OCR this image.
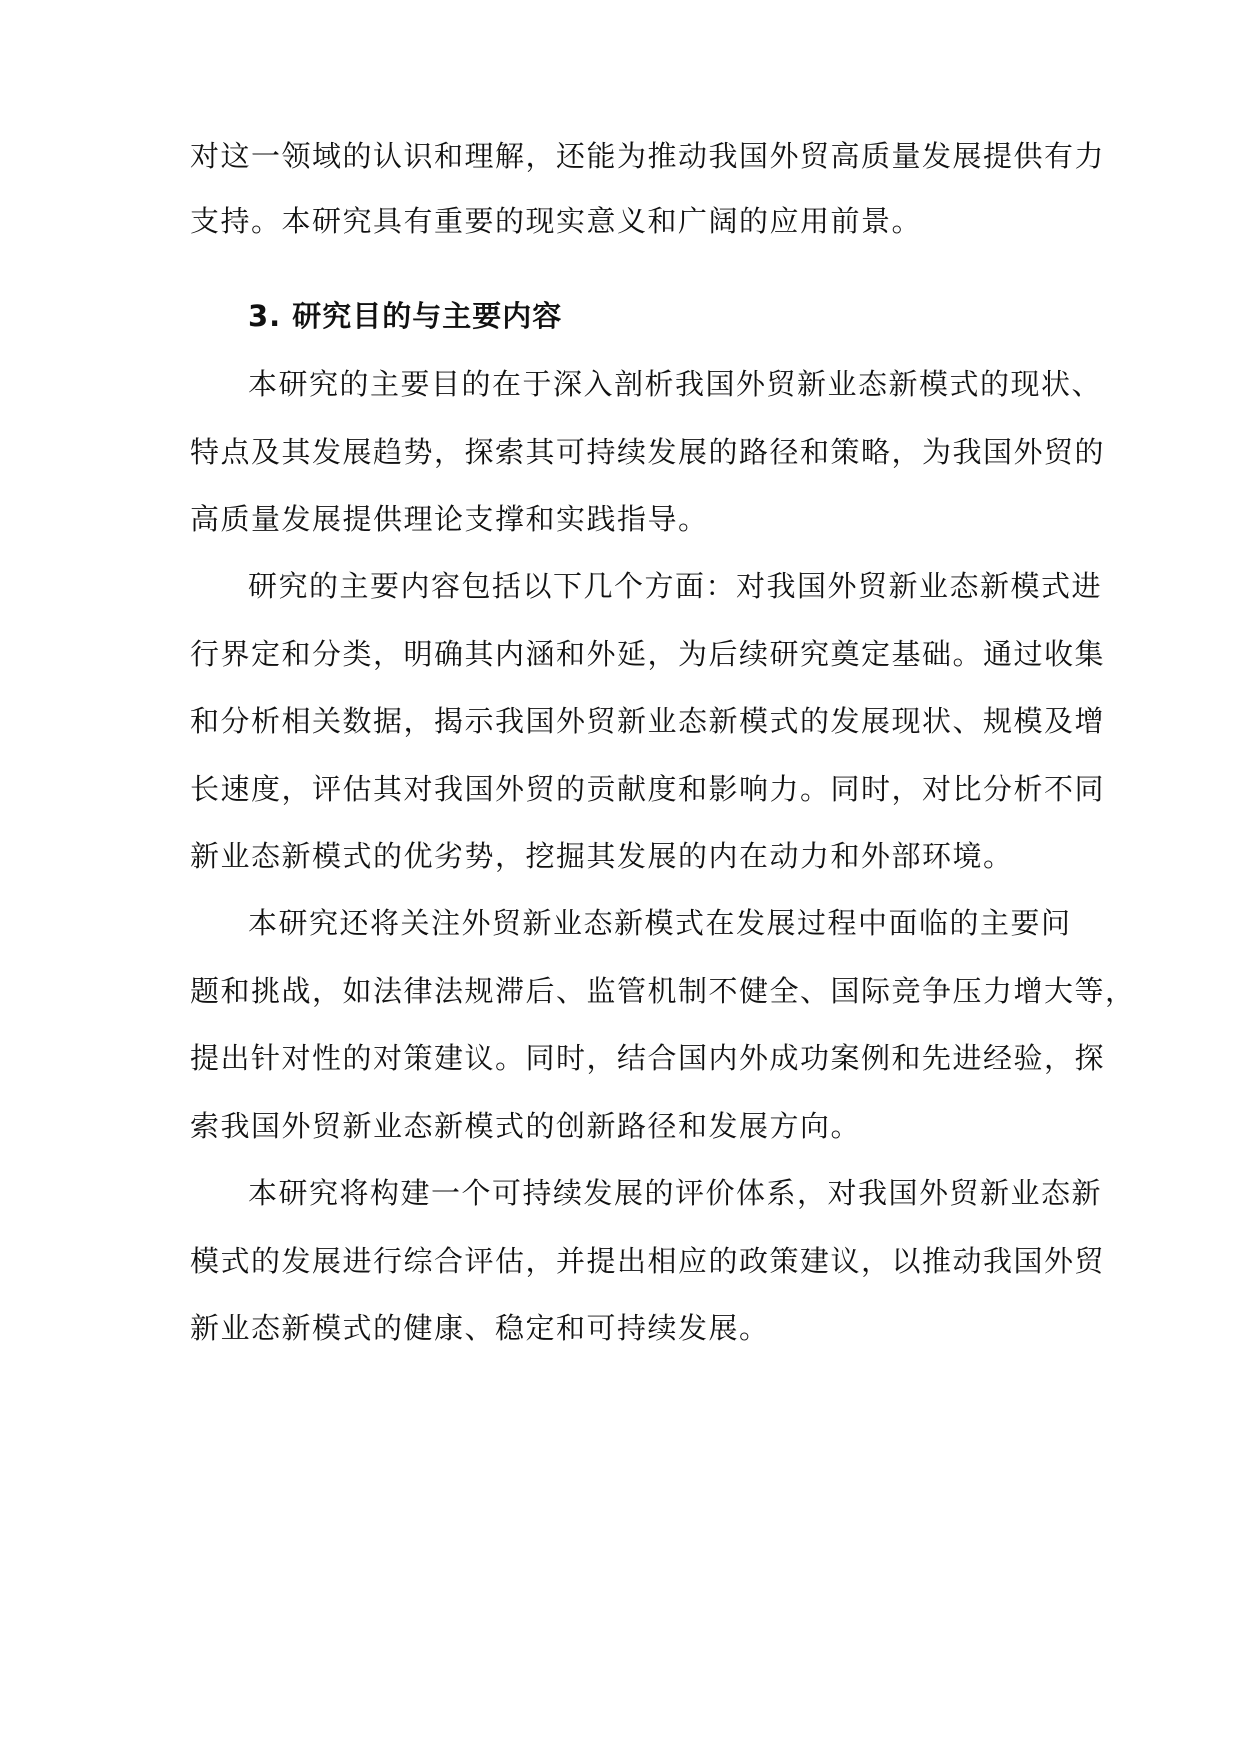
对这一领域的认识和理解，还能为推动我国外贸高质量发展提供有力
支持。本研究具有重要的现实意义和广阔的应用前景。
3. 研究目的与主要内容
本研究的主要目的在于深入剖析我国外贸新业态新模式的现状、
特点及其发展趋势，探索其可持续发展的路径和策略，为我国外贸的
高质量发展提供理论支撑和实践指导。
研究的主要内容包括以下几个方面：对我国外贸新业态新模式进
行界定和分类，明确其内涵和外延，为后续研究奠定基础。通过收集
和分析相关数据，揭示我国外贸新业态新模式的发展现状、规模及增
长速度，评估其对我国外贸的贡献度和影响力。同时，对比分析不同
新业态新模式的优劣势，挖掘其发展的内在动力和外部环境。
本研究还将关注外贸新业态新模式在发展过程中面临的主要问
题和挑战，如法律法规滞后、监管机制不健全、国际竞争压力增大等，
提出针对性的对策建议。同时，结合国内外成功案例和先进经验，探
索我国外贸新业态新模式的创新路径和发展方向。
本研究将构建一个可持续发展的评价体系，对我国外贸新业态新
模式的发展进行综合评估，并提出相应的政策建议，以推动我国外贸
新业态新模式的健康、稳定和可持续发展。
